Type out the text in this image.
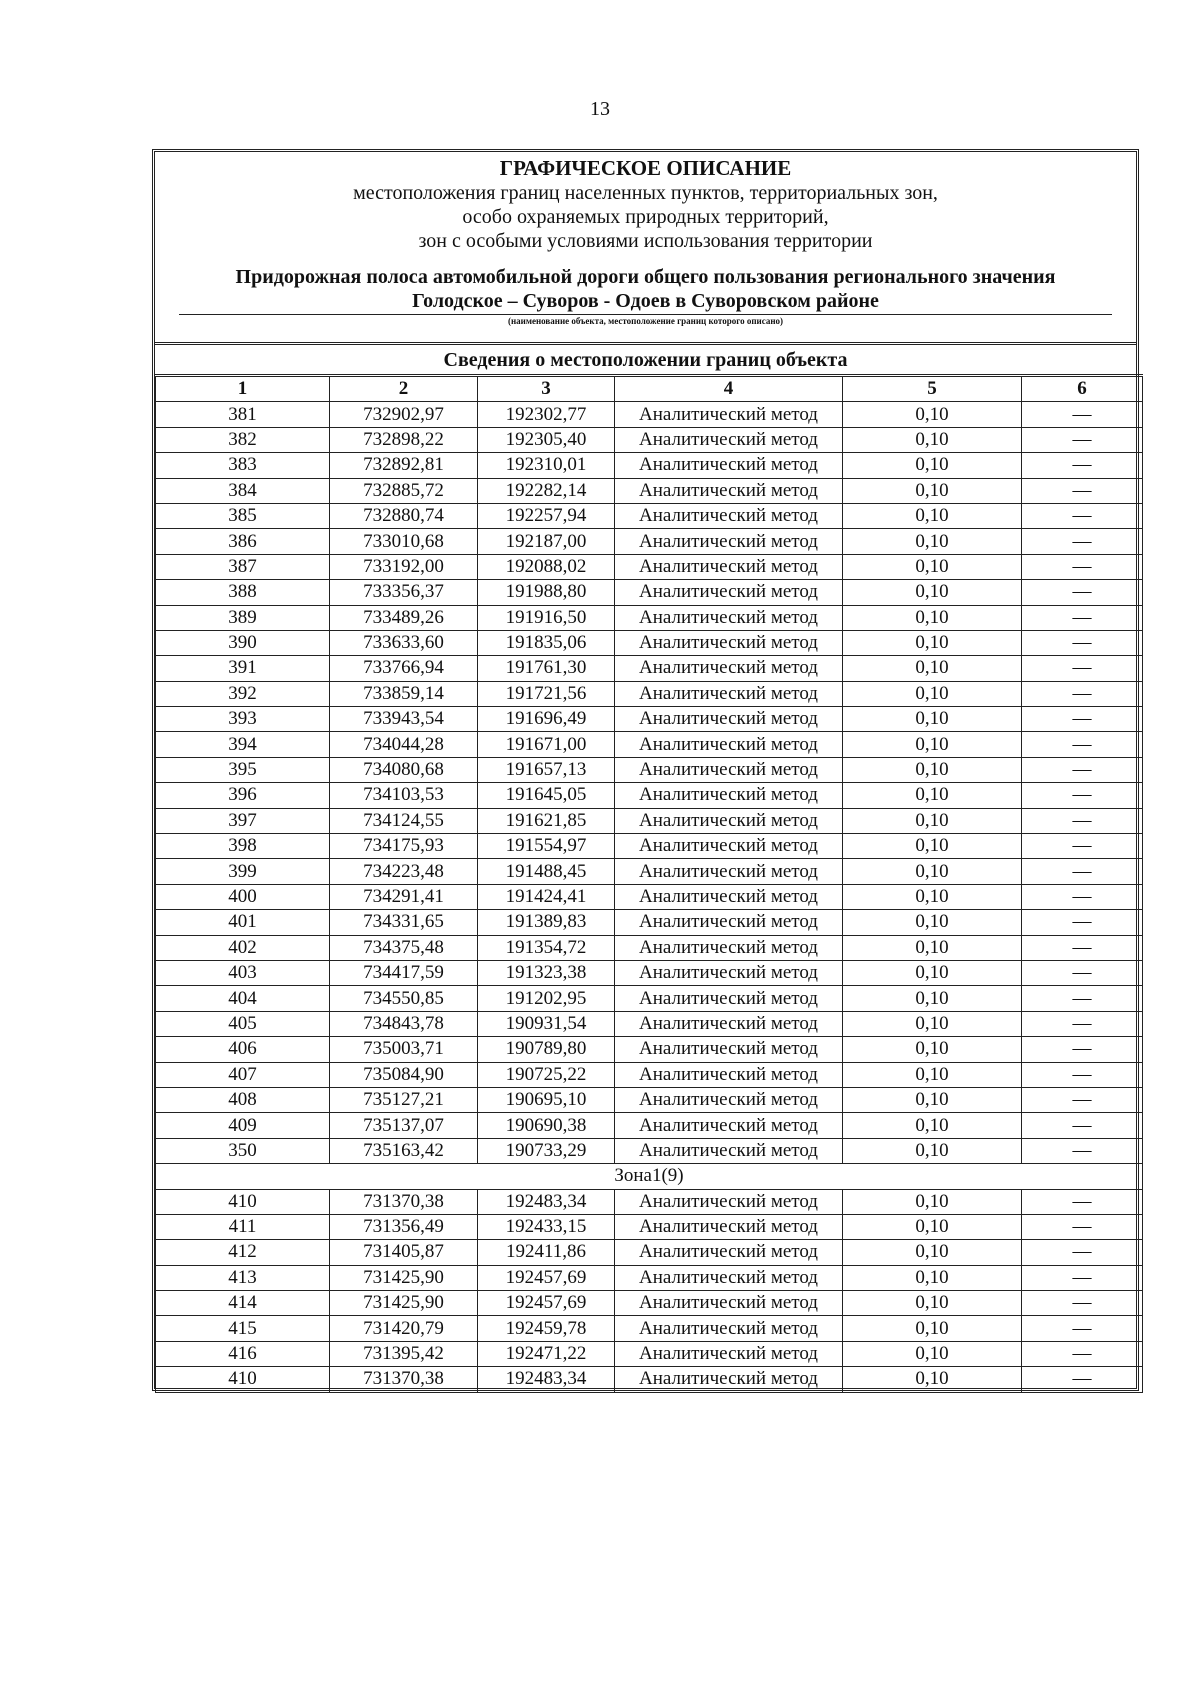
13
ГРАФИЧЕСКОЕ ОПИСАНИЕ
местоположения границ населенных пунктов, территориальных зон,
особо охраняемых природных территорий,
зон с особыми условиями использования территории
Придорожная полоса автомобильной дороги общего пользования регионального значения
Голодское – Суворов - Одоев в Суворовском районе
(наименование объекта, местоположение границ которого описано)
Сведения о местоположении границ объекта
1	2	3	4	5	6
381	732902,97	192302,77	Аналитический метод	0,10	—
382	732898,22	192305,40	Аналитический метод	0,10	—
383	732892,81	192310,01	Аналитический метод	0,10	—
384	732885,72	192282,14	Аналитический метод	0,10	—
385	732880,74	192257,94	Аналитический метод	0,10	—
386	733010,68	192187,00	Аналитический метод	0,10	—
387	733192,00	192088,02	Аналитический метод	0,10	—
388	733356,37	191988,80	Аналитический метод	0,10	—
389	733489,26	191916,50	Аналитический метод	0,10	—
390	733633,60	191835,06	Аналитический метод	0,10	—
391	733766,94	191761,30	Аналитический метод	0,10	—
392	733859,14	191721,56	Аналитический метод	0,10	—
393	733943,54	191696,49	Аналитический метод	0,10	—
394	734044,28	191671,00	Аналитический метод	0,10	—
395	734080,68	191657,13	Аналитический метод	0,10	—
396	734103,53	191645,05	Аналитический метод	0,10	—
397	734124,55	191621,85	Аналитический метод	0,10	—
398	734175,93	191554,97	Аналитический метод	0,10	—
399	734223,48	191488,45	Аналитический метод	0,10	—
400	734291,41	191424,41	Аналитический метод	0,10	—
401	734331,65	191389,83	Аналитический метод	0,10	—
402	734375,48	191354,72	Аналитический метод	0,10	—
403	734417,59	191323,38	Аналитический метод	0,10	—
404	734550,85	191202,95	Аналитический метод	0,10	—
405	734843,78	190931,54	Аналитический метод	0,10	—
406	735003,71	190789,80	Аналитический метод	0,10	—
407	735084,90	190725,22	Аналитический метод	0,10	—
408	735127,21	190695,10	Аналитический метод	0,10	—
409	735137,07	190690,38	Аналитический метод	0,10	—
350	735163,42	190733,29	Аналитический метод	0,10	—
Зона1(9)					
410	731370,38	192483,34	Аналитический метод	0,10	—
411	731356,49	192433,15	Аналитический метод	0,10	—
412	731405,87	192411,86	Аналитический метод	0,10	—
413	731425,90	192457,69	Аналитический метод	0,10	—
414	731425,90	192457,69	Аналитический метод	0,10	—
415	731420,79	192459,78	Аналитический метод	0,10	—
416	731395,42	192471,22	Аналитический метод	0,10	—
410	731370,38	192483,34	Аналитический метод	0,10	—
